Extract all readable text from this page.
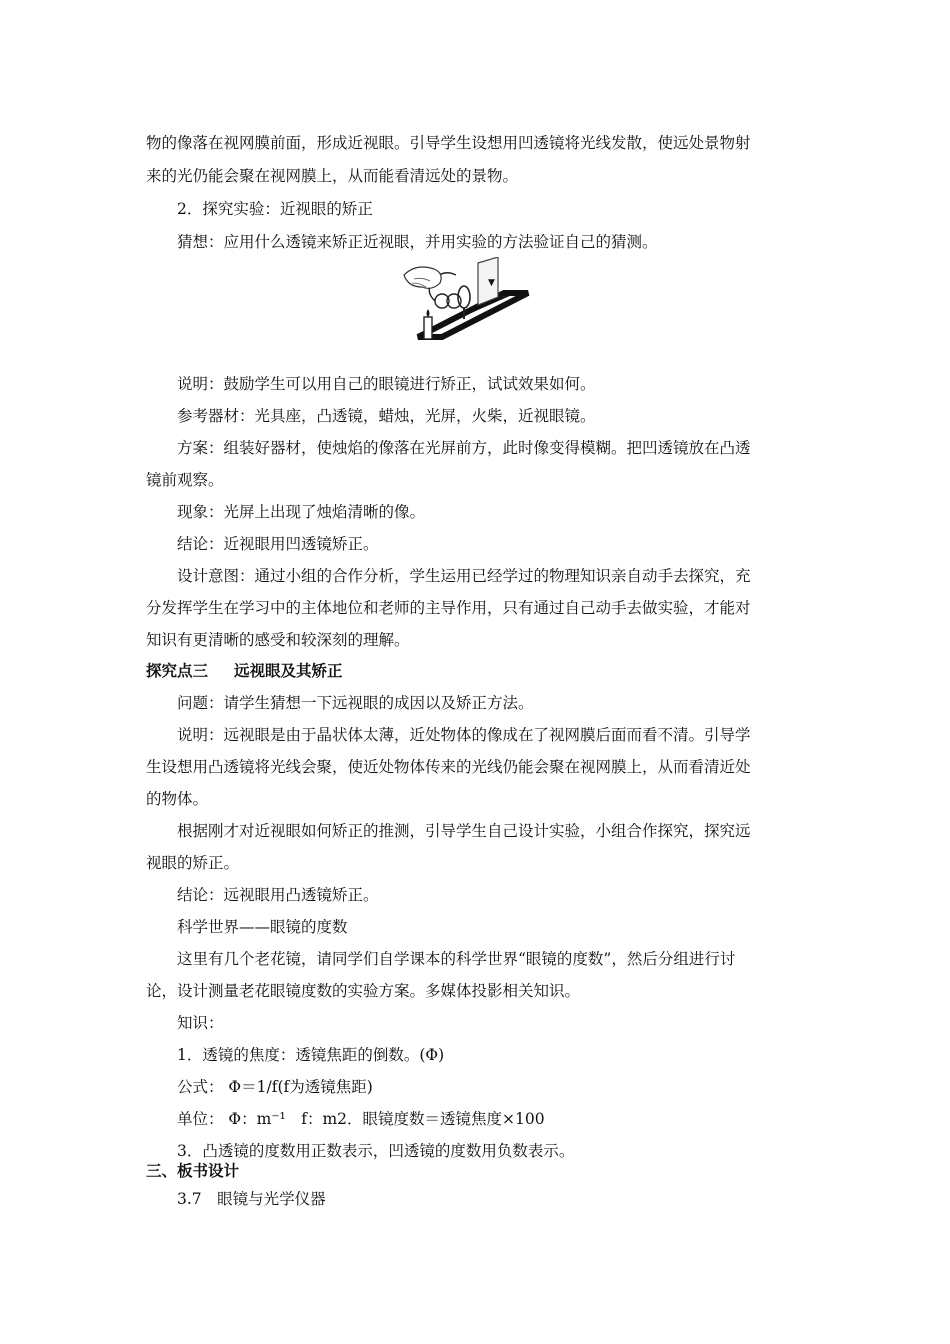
物的像落在视网膜前面，形成近视眼。引导学生设想用凹透镜将光线发散，使远处景物射
来的光仍能会聚在视网膜上，从而能看清远处的景物。
2．探究实验：近视眼的矫正
猜想：应用什么透镜来矫正近视眼，并用实验的方法验证自己的猜测。
▼
说明：鼓励学生可以用自己的眼镜进行矫正，试试效果如何。
参考器材：光具座，凸透镜，蜡烛，光屏，火柴，近视眼镜。
方案：组装好器材，使烛焰的像落在光屏前方，此时像变得模糊。把凹透镜放在凸透
镜前观察。
现象：光屏上出现了烛焰清晰的像。
结论：近视眼用凹透镜矫正。
设计意图：通过小组的合作分析，学生运用已经学过的物理知识亲自动手去探究，充
分发挥学生在学习中的主体地位和老师的主导作用，只有通过自己动手去做实验，才能对
知识有更清晰的感受和较深刻的理解。
探究点三 远视眼及其矫正
问题：请学生猜想一下远视眼的成因以及矫正方法。
说明：远视眼是由于晶状体太薄，近处物体的像成在了视网膜后面而看不清。引导学
生设想用凸透镜将光线会聚，使近处物体传来的光线仍能会聚在视网膜上，从而看清近处
的物体。
根据刚才对近视眼如何矫正的推测，引导学生自己设计实验，小组合作探究，探究远
视眼的矫正。
结论：远视眼用凸透镜矫正。
科学世界——眼镜的度数
这里有几个老花镜，请同学们自学课本的科学世界“眼镜的度数”，然后分组进行讨
论，设计测量老花眼镜度数的实验方案。多媒体投影相关知识。
知识：
1．透镜的焦度：透镜焦距的倒数。(Φ)
公式： Φ＝1/f(f为透镜焦距)
单位： Φ：m⁻¹　f：m2．眼镜度数＝透镜焦度×100
3．凸透镜的度数用正数表示，凹透镜的度数用负数表示。
三、板书设计
3.7　眼镜与光学仪器
